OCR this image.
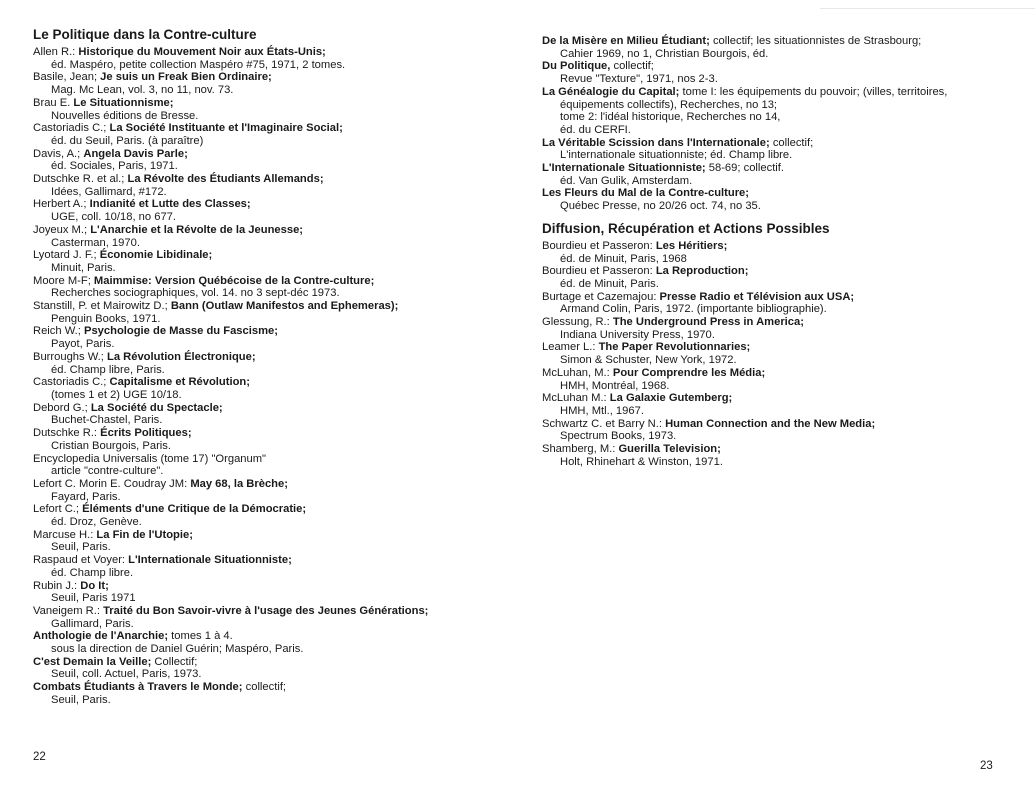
Le Politique dans la Contre-culture
Allen R.: Historique du Mouvement Noir aux États-Unis;
éd. Maspéro, petite collection Maspéro #75, 1971, 2 tomes.
Basile, Jean; Je suis un Freak Bien Ordinaire;
Mag. Mc Lean, vol. 3, no 11, nov. 73.
Brau E. Le Situationnisme;
Nouvelles éditions de Bresse.
Castoriadis C.; La Société Instituante et l'Imaginaire Social;
éd. du Seuil, Paris. (à paraître)
Davis, A.; Angela Davis Parle;
éd. Sociales, Paris, 1971.
Dutschke R. et al.; La Révolte des Étudiants Allemands;
Idées, Gallimard, #172.
Herbert A.; Indianité et Lutte des Classes;
UGE, coll. 10/18, no 677.
Joyeux M.; L'Anarchie et la Révolte de la Jeunesse;
Casterman, 1970.
Lyotard J. F.; Économie Libidinale;
Minuit, Paris.
Moore M-F; Maimmise: Version Québécoise de la Contre-culture;
Recherches sociographiques, vol. 14. no 3 sept-déc 1973.
Stanstill, P. et Mairowitz D.; Bann (Outlaw Manifestos and Ephemeras);
Penguin Books, 1971.
Reich W.; Psychologie de Masse du Fascisme;
Payot, Paris.
Burroughs W.; La Révolution Électronique;
éd. Champ libre, Paris.
Castoriadis C.; Capitalisme et Révolution;
(tomes 1 et 2) UGE 10/18.
Debord G.; La Société du Spectacle;
Buchet-Chastel, Paris.
Dutschke R.: Écrits Politiques;
Cristian Bourgois, Paris.
Encyclopedia Universalis (tome 17) "Organum"
article "contre-culture".
Lefort C. Morin E. Coudray JM: May 68, la Brèche;
Fayard, Paris.
Lefort C.; Éléments d'une Critique de la Démocratie;
éd. Droz, Genève.
Marcuse H.: La Fin de l'Utopie;
Seuil, Paris.
Raspaud et Voyer: L'Internationale Situationniste;
éd. Champ libre.
Rubin J.: Do It;
Seuil, Paris 1971
Vaneigem R.: Traité du Bon Savoir-vivre à l'usage des Jeunes Générations;
Gallimard, Paris.
Anthologie de l'Anarchie; tomes 1 à 4.
sous la direction de Daniel Guérin; Maspéro, Paris.
C'est Demain la Veille; Collectif;
Seuil, coll. Actuel, Paris, 1973.
Combats Étudiants à Travers le Monde; collectif;
Seuil, Paris.
22
De la Misère en Milieu Étudiant; collectif; les situationnistes de Strasbourg;
Cahier 1969, no 1, Christian Bourgois, éd.
Du Politique, collectif;
Revue "Texture", 1971, nos 2-3.
La Généalogie du Capital; tome I: les équipements du pouvoir; (villes, territoires,
équipements collectifs), Recherches, no 13;
tome 2: l'idéal historique, Recherches no 14,
éd. du CERFI.
La Véritable Scission dans l'Internationale; collectif;
L'internationale situationniste; éd. Champ libre.
L'Internationale Situationniste; 58-69; collectif.
éd. Van Gulik, Amsterdam.
Les Fleurs du Mal de la Contre-culture;
Québec Presse, no 20/26 oct. 74, no 35.
Diffusion, Récupération et Actions Possibles
Bourdieu et Passeron: Les Héritiers;
éd. de Minuit, Paris, 1968
Bourdieu et Passeron: La Reproduction;
éd. de Minuit, Paris.
Burtage et Cazemajou: Presse Radio et Télévision aux USA;
Armand Colin, Paris, 1972. (importante bibliographie).
Glessung, R.: The Underground Press in America;
Indiana University Press, 1970.
Leamer L.: The Paper Revolutionnaries;
Simon & Schuster, New York, 1972.
McLuhan, M.: Pour Comprendre les Média;
HMH, Montréal, 1968.
McLuhan M.: La Galaxie Gutemberg;
HMH, Mtl., 1967.
Schwartz C. et Barry N.: Human Connection and the New Media;
Spectrum Books, 1973.
Shamberg, M.: Guerilla Television;
Holt, Rhinehart & Winston, 1971.
23
